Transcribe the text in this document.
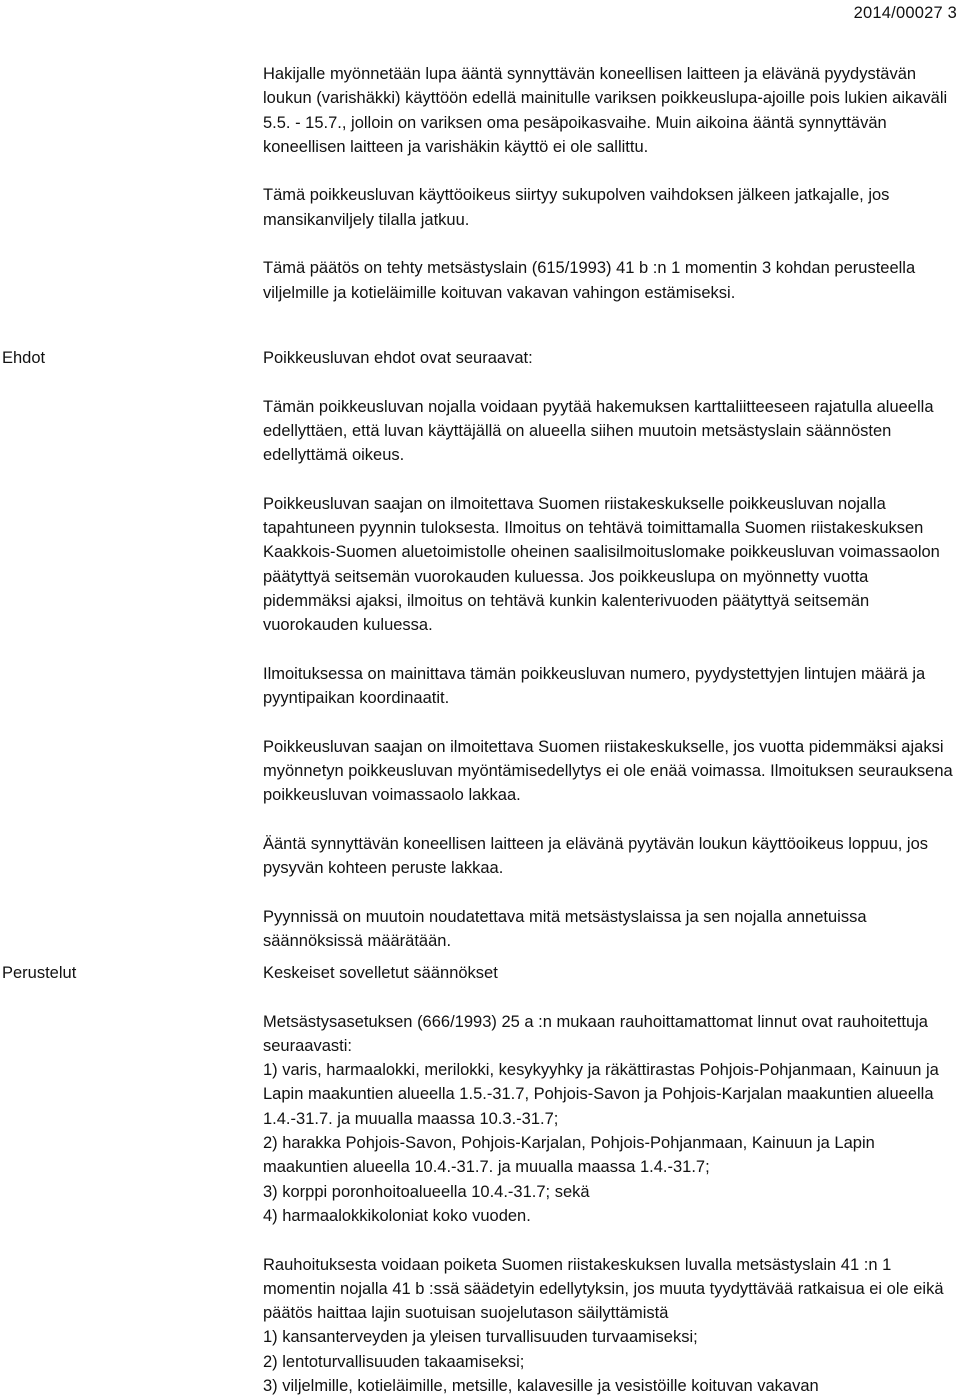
2014/00027 3

Hakijalle myönnetään lupa ääntä synnyttävän koneellisen laitteen ja elävänä pyydystävän loukun (varishäkki) käyttöön edellä mainitulle variksen poikkeuslupa-ajoille pois lukien aikaväli 5.5. - 15.7., jolloin on variksen oma pesäpoikasvaihe. Muin aikoina ääntä synnyttävän koneellisen laitteen ja varishäkin käyttö ei ole sallittu.

Tämä poikkeusluvan käyttöoikeus siirtyy sukupolven vaihdoksen jälkeen jatkajalle, jos mansikanviljely tilalla jatkuu.

Tämä päätös on tehty metsästyslain (615/1993) 41 b :n 1 momentin 3 kohdan perusteella viljelmille ja kotieläimille koituvan vakavan vahingon estämiseksi.

Ehdot	Poikkeusluvan ehdot ovat seuraavat:

Tämän poikkeusluvan nojalla voidaan pyytää hakemuksen karttaliitteeseen rajatulla alueella edellyttäen, että luvan käyttäjällä on alueella siihen muutoin metsästyslain säännösten edellyttämä oikeus.

Poikkeusluvan saajan on ilmoitettava Suomen riistakeskukselle poikkeusluvan nojalla tapahtuneen pyynnin tuloksesta. Ilmoitus on tehtävä toimittamalla Suomen riistakeskuksen Kaakkois-Suomen aluetoimistolle oheinen saalisilmoituslomake poikkeusluvan voimassaolon päätyttyä seitsemän vuorokauden kuluessa. Jos poikkeuslupa on myönnetty vuotta pidemmäksi ajaksi, ilmoitus on tehtävä kunkin kalenterivuoden päätyttyä seitsemän vuorokauden kuluessa.

Ilmoituksessa on mainittava tämän poikkeusluvan numero, pyydystettyjen lintujen määrä ja pyyntipaikan koordinaatit.

Poikkeusluvan saajan on ilmoitettava Suomen riistakeskukselle, jos vuotta pidemmäksi ajaksi myönnetyn poikkeusluvan myöntämisedellytys ei ole enää voimassa. Ilmoituksen seurauksena poikkeusluvan voimassaolo lakkaa.

Ääntä synnyttävän koneellisen laitteen ja elävänä pyytävän loukun käyttöoikeus loppuu, jos pysyvän kohteen peruste lakkaa.

Pyynnissä on muutoin noudatettava mitä metsästyslaissa ja sen nojalla annetuissa säännöksissä määrätään.

Perustelut	Keskeiset sovelletut säännökset

Metsästysasetuksen (666/1993) 25 a :n mukaan rauhoittamattomat linnut ovat rauhoitettuja seuraavasti:

1) varis, harmaalokki, merilokki, kesykyyhky ja räkättirastas Pohjois-Pohjanmaan, Kainuun ja Lapin maakuntien alueella 1.5.-31.7, Pohjois-Savon ja Pohjois-Karjalan maakuntien alueella 1.4.-31.7. ja muualla maassa 10.3.-31.7;

2) harakka Pohjois-Savon, Pohjois-Karjalan, Pohjois-Pohjanmaan, Kainuun ja Lapin maakuntien alueella 10.4.-31.7. ja muualla maassa 1.4.-31.7;

3) korppi poronhoitoalueella 10.4.-31.7; sekä

4) harmaalokkikoloniat koko vuoden.

Rauhoituksesta voidaan poiketa Suomen riistakeskuksen luvalla metsästyslain 41 :n 1 momentin nojalla 41 b :ssä säädetyin edellytyksin, jos muuta tyydyttävää ratkaisua ei ole eikä päätös haittaa lajin suotuisan suojelutason säilyttämistä

1) kansanterveyden ja yleisen turvallisuuden turvaamiseksi;

2) lentoturvallisuuden takaamiseksi;

3) viljelmille, kotieläimille, metsille, kalavesille ja vesistöille koituvan vakavan
